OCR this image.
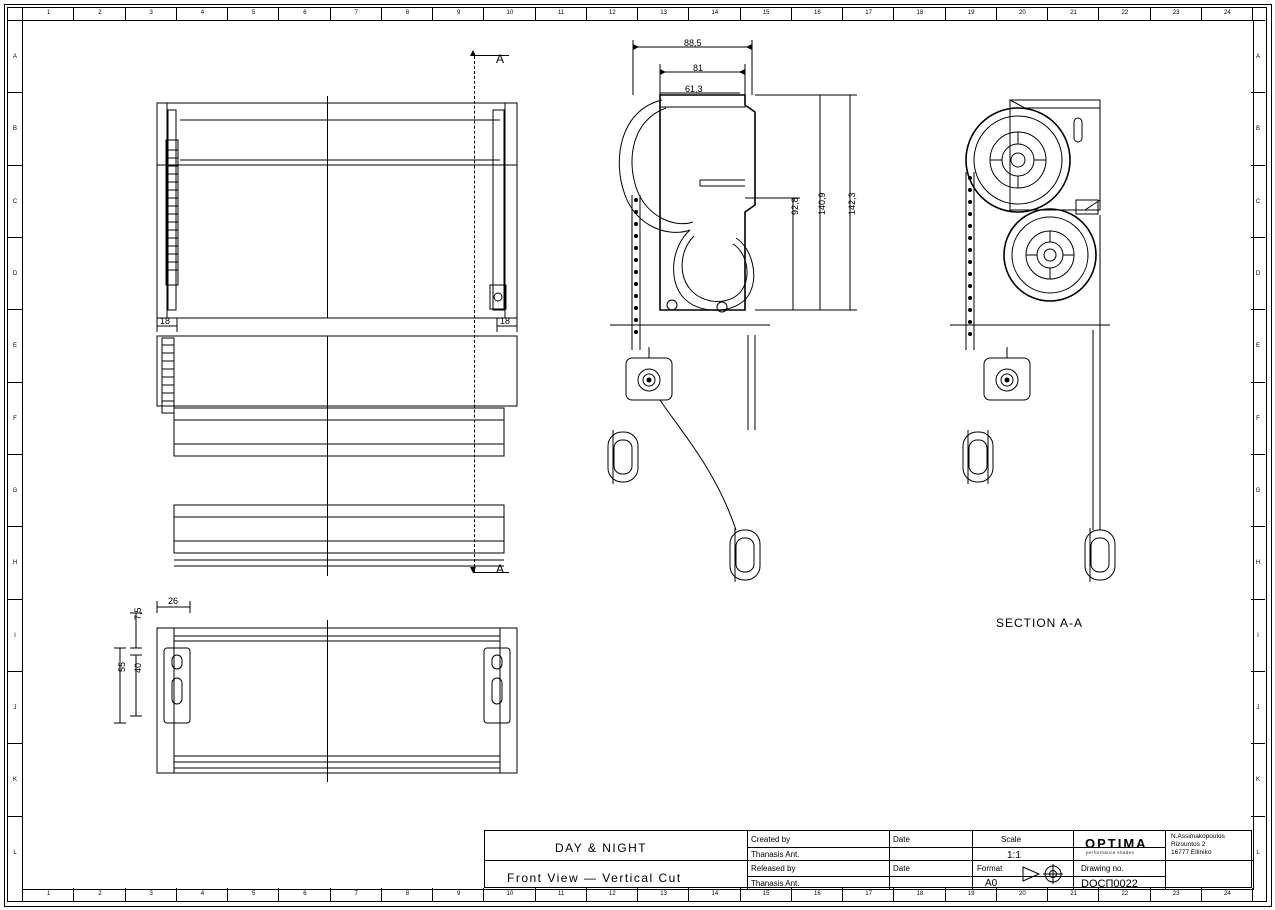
1	2	3	4	5	6	7	8	9	10	11	12	13	14	15	16	17	18	19	20	21	22	23	24
1	2	3	4	5	6	7	8	9	10	11	12	13	14	15	16	17	18	19	20	21	22	23	24
A
B
C
D
E
F
G
H
I
J
K
L
A
B
C
D
E
F
G
H
I
J
K
L
A
A
88,5
81
61,3
92,8 140,9 142,3
18	18
26
7,5
55 40
SECTION A-A
DAY & NIGHT
Front View — Vertical Cut
Created by
Thanasis Ant.
Released by
Thanasis Ant.
Date
Date
Scale
1:1
Format
A0
Drawing no.
DOCΠ0022
OPTIMA
performance shades
N.Assimakopoulos
Rizountos 2
16777 Elliniko
